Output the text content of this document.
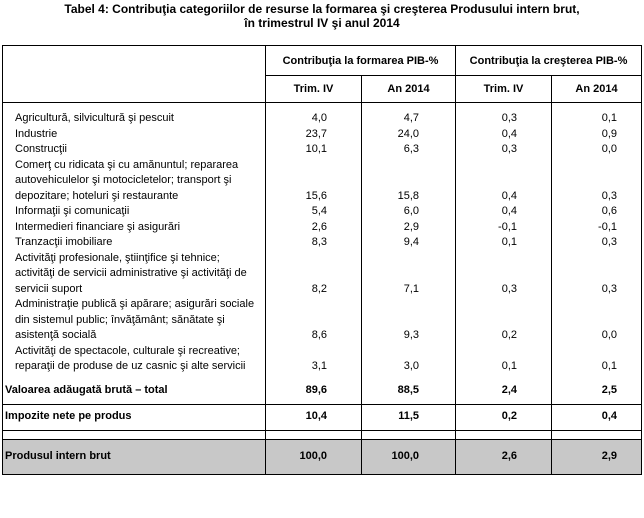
Tabel 4: Contribuţia categoriilor de resurse la formarea şi creşterea Produsului intern brut,
în trimestrul IV şi anul 2014
	Contribuţia la formarea PIB-%		Contribuţia la creşterea PIB-%	
	Trim. IV	An 2014	Trim. IV	An 2014

Agricultură, silvicultură şi pescuit	4,0	4,7	0,3	0,1
Industrie	23,7	24,0	0,4	0,9
Construcţii	10,1	6,3	0,3	0,0
Comerţ cu ridicata şi cu amănuntul; repararea autovehiculelor şi motocicletelor; transport şi depozitare; hoteluri şi restaurante	15,6	15,8	0,4	0,3
Informaţii şi comunicaţii	5,4	6,0	0,4	0,6
Intermedieri financiare şi asigurări	2,6	2,9	-0,1	-0,1
Tranzacţii imobiliare	8,3	9,4	0,1	0,3
Activităţi profesionale, ştiinţifice şi tehnice; activităţi de servicii administrative şi activităţi de servicii suport	8,2	7,1	0,3	0,3
Administraţie publică şi apărare; asigurări sociale din sistemul public; învăţământ; sănătate şi asistenţă socială	8,6	9,3	0,2	0,0
Activităţi de spectacole, culturale şi recreative; reparaţii de produse de uz casnic şi alte servicii	3,1	3,0	0,1	0,1
Valoarea adăugată brută – total	89,6	88,5	2,4	2,5
Impozite nete pe produs	10,4	11,5	0,2	0,4

Produsul intern brut	100,0	100,0	2,6	2,9
